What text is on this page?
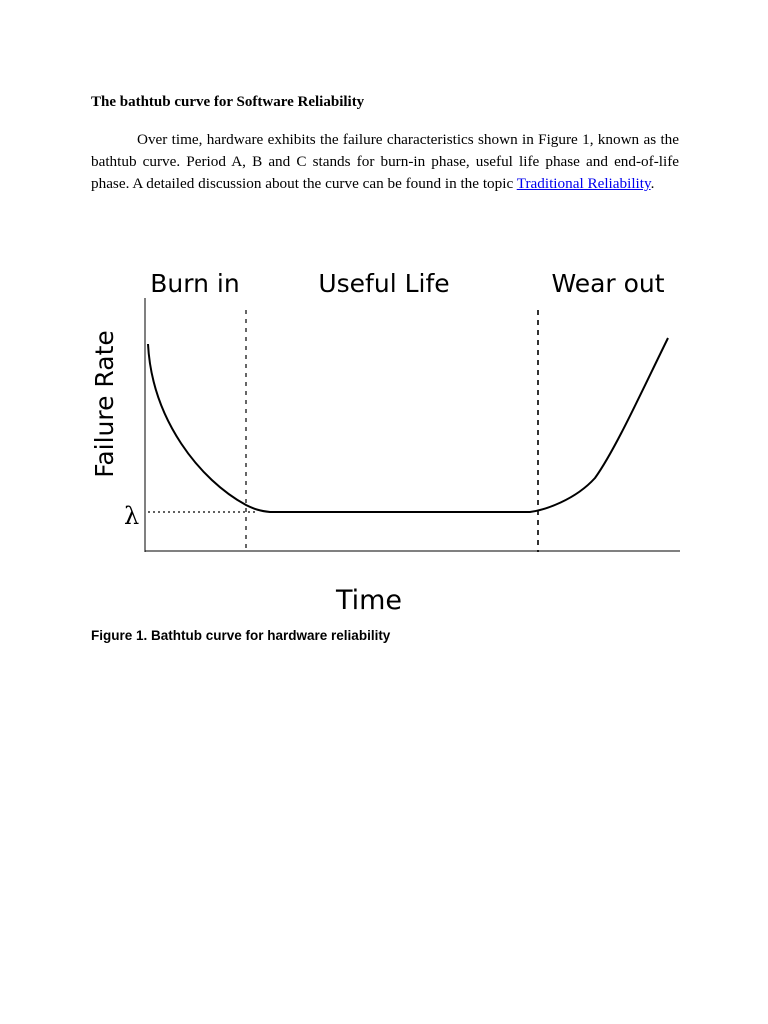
The bathtub curve for Software Reliability

Over time, hardware exhibits the failure characteristics shown in Figure 1, known as the bathtub curve. Period A, B and C stands for burn-in phase, useful life phase and end-of-life phase. A detailed discussion about the curve can be found in the topic Traditional Reliability.

Burn in	Useful Life	Wear out
Failure Rate
λ
Time
Figure 1. Bathtub curve for hardware reliability
